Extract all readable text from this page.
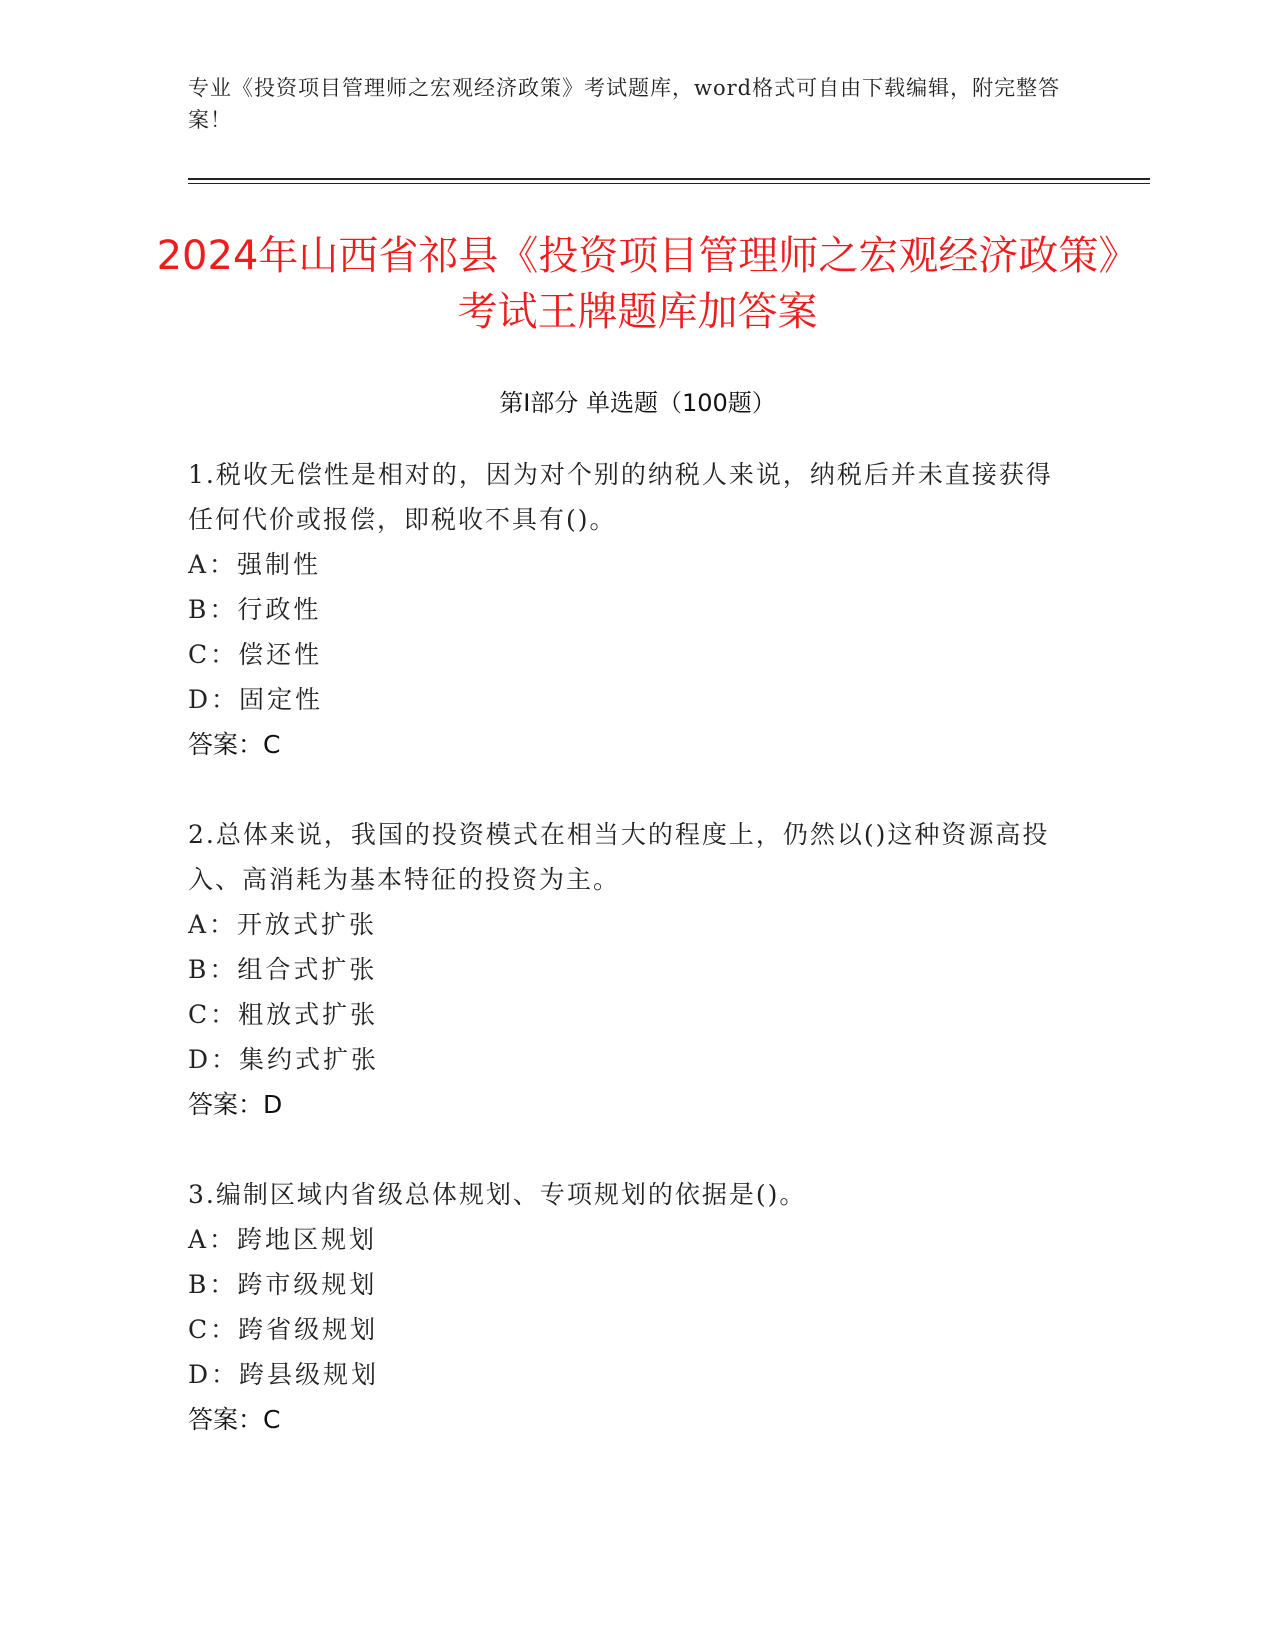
专业《投资项目管理师之宏观经济政策》考试题库，word格式可自由下载编辑，附完整答案！
2024年山西省祁县《投资项目管理师之宏观经济政策》考试王牌题库加答案
第Ⅰ部分 单选题（100题）
1.税收无偿性是相对的，因为对个别的纳税人来说，纳税后并未直接获得任何代价或报偿，即税收不具有()。
A：强制性
B：行政性
C：偿还性
D：固定性
答案：C
2.总体来说，我国的投资模式在相当大的程度上，仍然以()这种资源高投入、高消耗为基本特征的投资为主。
A：开放式扩张
B：组合式扩张
C：粗放式扩张
D：集约式扩张
答案：D
3.编制区域内省级总体规划、专项规划的依据是()。
A：跨地区规划
B：跨市级规划
C：跨省级规划
D：跨县级规划
答案：C
